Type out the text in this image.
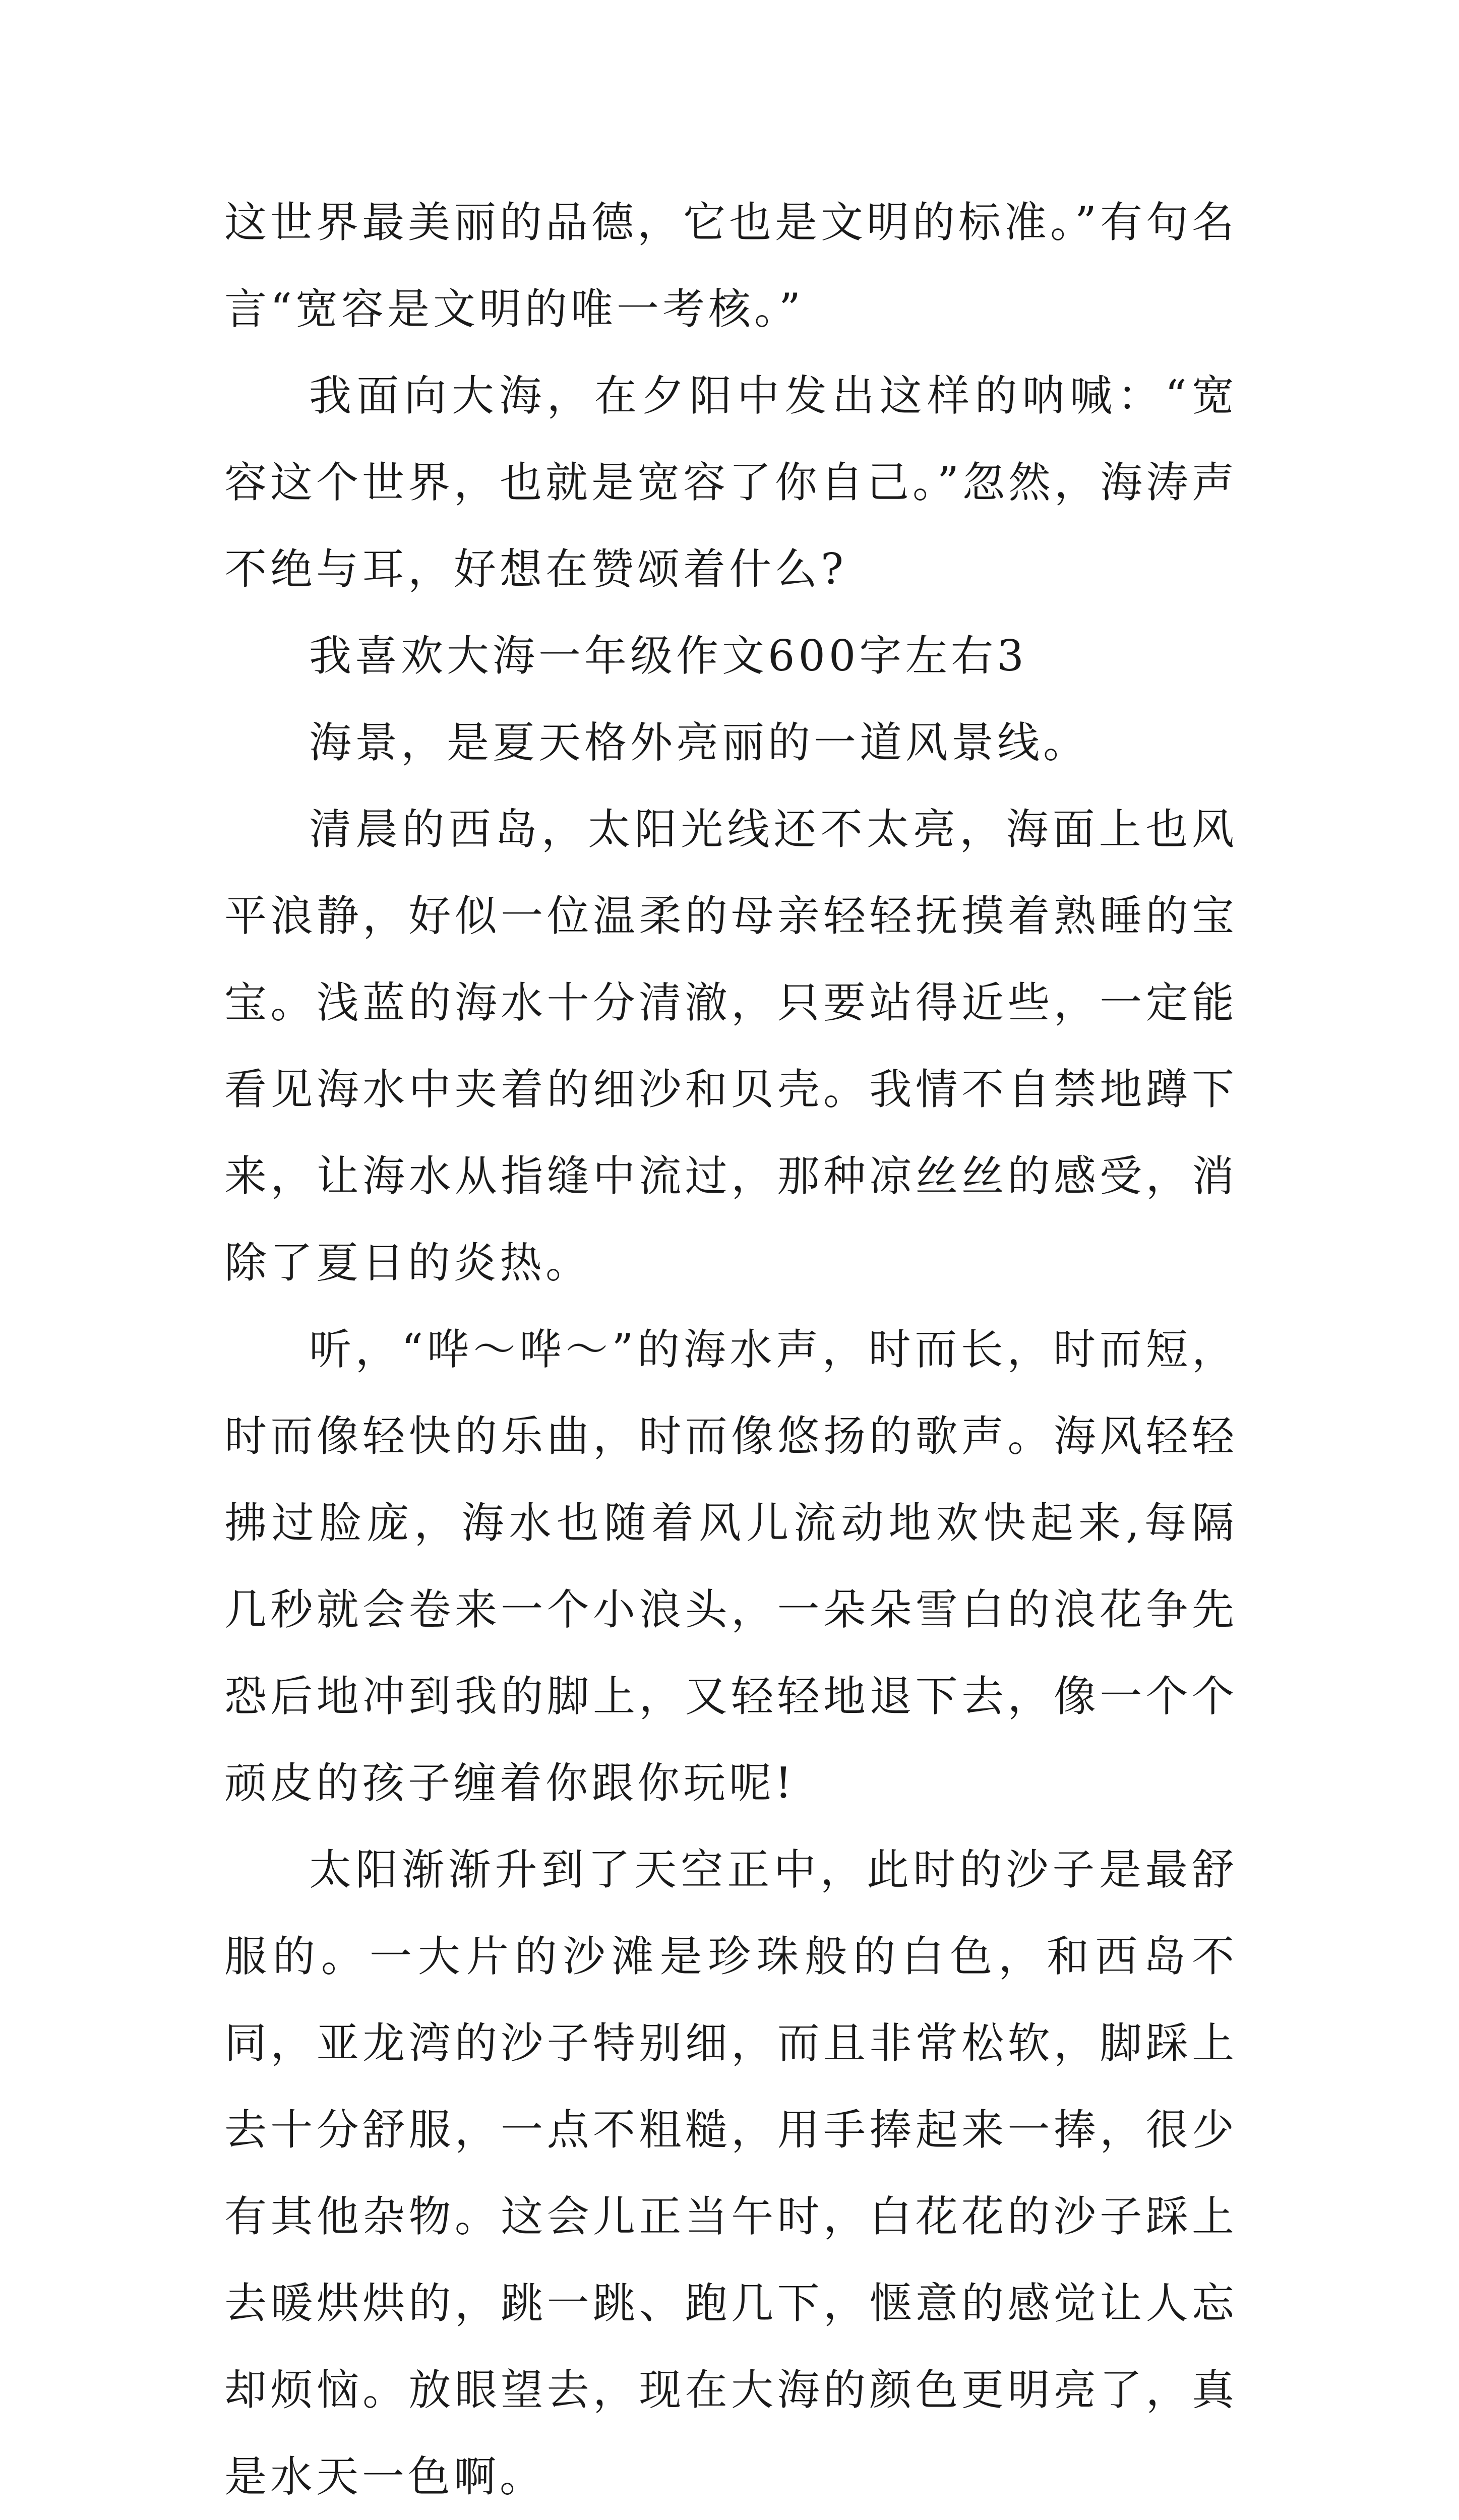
这世界最美丽的品德，它也是文明的标准。”有句名言“宽容是文明的唯一考核。”

我面向大海，在夕阳中发出这样的呐喊：“宽容这个世界，也就是宽容了你自己。”忽然，海涛声不绝与耳，好想在赞颂着什么?

我喜欢大海一年级作文600字左右3

海景，是夏天格外亮丽的一道风景线。

清晨的西岛，太阳光线还不太亮，海面上也风平浪静，好似一位温柔的母亲轻轻抚摸着熟睡的宝宝。浅蓝的海水十分清澈，只要站得近些，一定能看见海水中夹着的细沙和贝壳。我情不自禁地蹲下来，让海水从指缝中流过，那种凉丝丝的感受，消除了夏日的炎热。

听，“哗～哗～”的海水声，时而长，时而短，时而像轻快的乐曲，时而像悠扬的歌声。海风轻轻拂过脸庞，海水也随着风儿流动地欢快起来,每隔几秒就会卷来一个小浪头，一朵朵雪白的浪花争先恐后地冲到我的脚上，又轻轻地退下去，像一个个顽皮的孩子缠着你跟你玩呢!

太阳渐渐升到了天空正中，此时的沙子是最舒服的。一大片的沙滩是珍珠般的白色，和西岛不同，亚龙湾的沙子特别细，而且非常松软，脚踩上去十分舒服，一点不粗糙，用手捧起来一捧，很少有其他杂物。这会儿正当午时，白花花的沙子踩上去暖烘烘的，跳一跳、跑几下，惬意的感觉让人忘却烦恼。放眼望去，现在大海的颜色更明亮了，真是水天一色啊。
